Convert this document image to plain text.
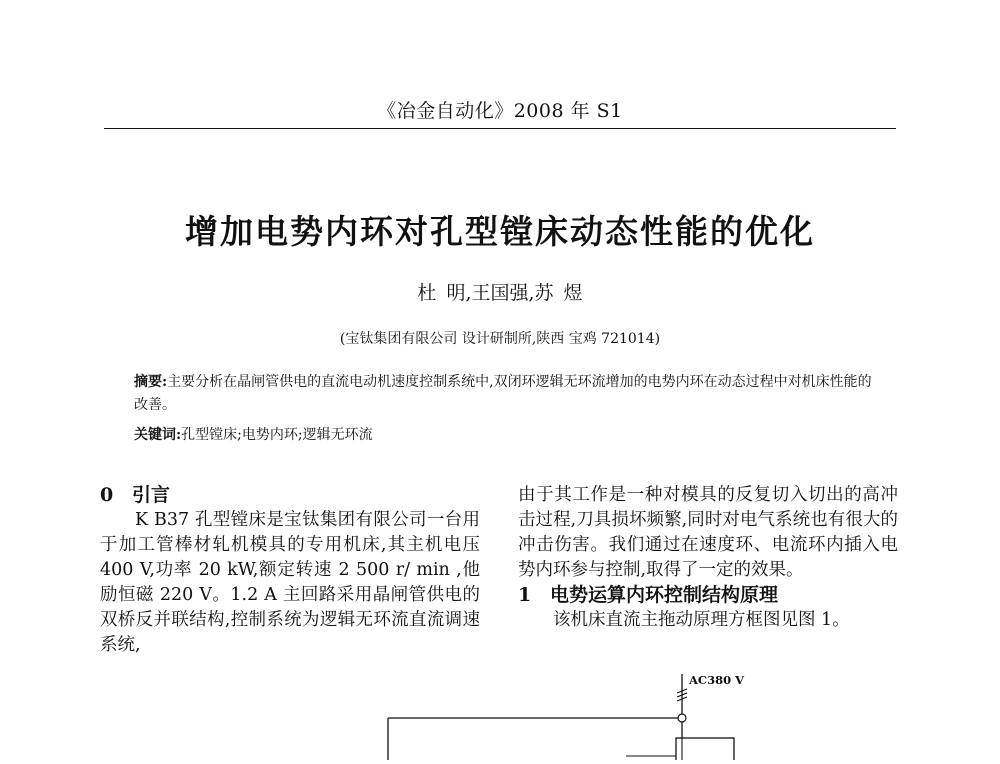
《冶金自动化》2008 年 S1
增加电势内环对孔型镗床动态性能的优化
杜 明,王国强,苏 煜
(宝钛集团有限公司 设计研制所,陕西 宝鸡 721014)
摘要:主要分析在晶闸管供电的直流电动机速度控制系统中,双闭环逻辑无环流增加的电势内环在动态过程中对机床性能的改善。
关键词:孔型镗床;电势内环;逻辑无环流
0 引言

K B37 孔型镗床是宝钛集团有限公司一台用于加工管棒材轧机模具的专用机床,其主机电压400 V,功率 20 kW,额定转速 2 500 r/ min ,他励恒磁 220 V。1.2 A 主回路采用晶闸管供电的双桥反并联结构,控制系统为逻辑无环流直流调速系统,

由于其工作是一种对模具的反复切入切出的高冲击过程,刀具损坏频繁,同时对电气系统也有很大的冲击伤害。我们通过在速度环、电流环内插入电势内环参与控制,取得了一定的效果。

1 电势运算内环控制结构原理

该机床直流主拖动原理方框图见图 1。

AC380 V
